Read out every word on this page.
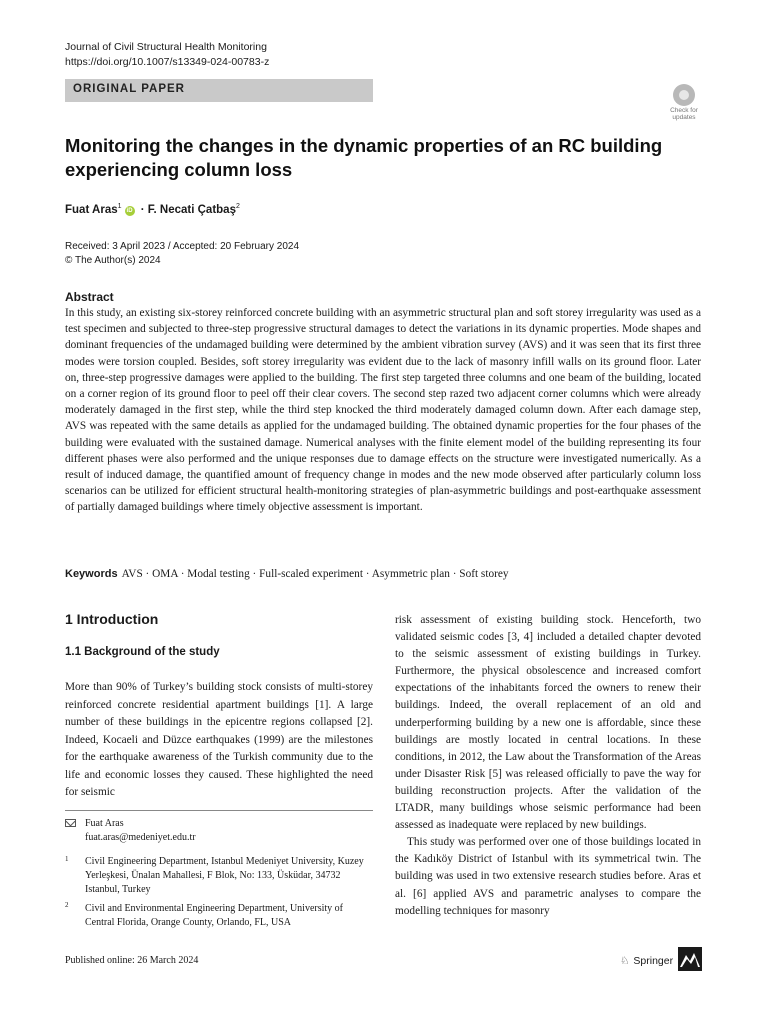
Journal of Civil Structural Health Monitoring
https://doi.org/10.1007/s13349-024-00783-z
ORIGINAL PAPER
Check for updates
Monitoring the changes in the dynamic properties of an RC building experiencing column loss
Fuat Aras$^1$iD · F. Necati Çatbaş$^2$
Received: 3 April 2023 / Accepted: 20 February 2024
© The Author(s) 2024
Abstract
In this study, an existing six-storey reinforced concrete building with an asymmetric structural plan and soft storey irregularity was used as a test specimen and subjected to three-step progressive structural damages to detect the variations in its dynamic properties. Mode shapes and dominant frequencies of the undamaged building were determined by the ambient vibration survey (AVS) and it was seen that its first three modes were torsion coupled. Besides, soft storey irregularity was evident due to the lack of masonry infill walls on its ground floor. Later on, three-step progressive damages were applied to the building. The first step targeted three columns and one beam of the building, located on a corner region of its ground floor to peel off their clear covers. The second step razed two adjacent corner columns which were already moderately damaged in the first step, while the third step knocked the third moderately damaged column down. After each damage step, AVS was repeated with the same details as applied for the undamaged building. The obtained dynamic properties for the four phases of the building were evaluated with the sustained damage. Numerical analyses with the finite element model of the building representing its four different phases were also performed and the unique responses due to damage effects on the structure were investigated numerically. As a result of induced damage, the quantified amount of frequency change in modes and the new mode observed after particularly column loss scenarios can be utilized for efficient structural health-monitoring strategies of plan-asymmetric buildings and post-earthquake assessment of partially damaged buildings where timely objective assessment is important.
Keywords AVS · OMA · Modal testing · Full-scaled experiment · Asymmetric plan · Soft storey
1 Introduction
1.1 Background of the study

More than 90% of Turkey’s building stock consists of multi-storey reinforced concrete residential apartment buildings [1]. A large number of these buildings in the epicentre regions collapsed [2]. Indeed, Kocaeli and Düzce earthquakes (1999) are the milestones for the earthquake awareness of the Turkish community due to the life and economic losses they caused. These highlighted the need for seismic

risk assessment of existing building stock. Henceforth, two validated seismic codes [3, 4] included a detailed chapter devoted to the seismic assessment of existing buildings in Turkey. Furthermore, the physical obsolescence and increased comfort expectations of the inhabitants forced the owners to renew their buildings. Indeed, the overall replacement of an old and underperforming building by a new one is affordable, since these buildings are mostly located in central locations. In these conditions, in 2012, the Law about the Transformation of the Areas under Disaster Risk [5] was released officially to pave the way for building reconstruction projects. After the validation of the LTADR, many buildings whose seismic performance had been assessed as inadequate were replaced by new buildings.

This study was performed over one of those buildings located in the Kadıköy District of Istanbul with its symmetrical twin. The building was used in two extensive research studies before. Aras et al. [6] applied AVS and parametric analyses to compare the modelling techniques for masonry

Fuat Aras
fuat.aras@medeniyet.edu.tr
1 Civil Engineering Department, Istanbul Medeniyet University, Kuzey Yerleşkesi, Ünalan Mahallesi, F Blok, No: 133, Üsküdar, 34732 Istanbul, Turkey
2 Civil and Environmental Engineering Department, University of Central Florida, Orange County, Orlando, FL, USA
Published online: 26 March 2024	♘ Springer
